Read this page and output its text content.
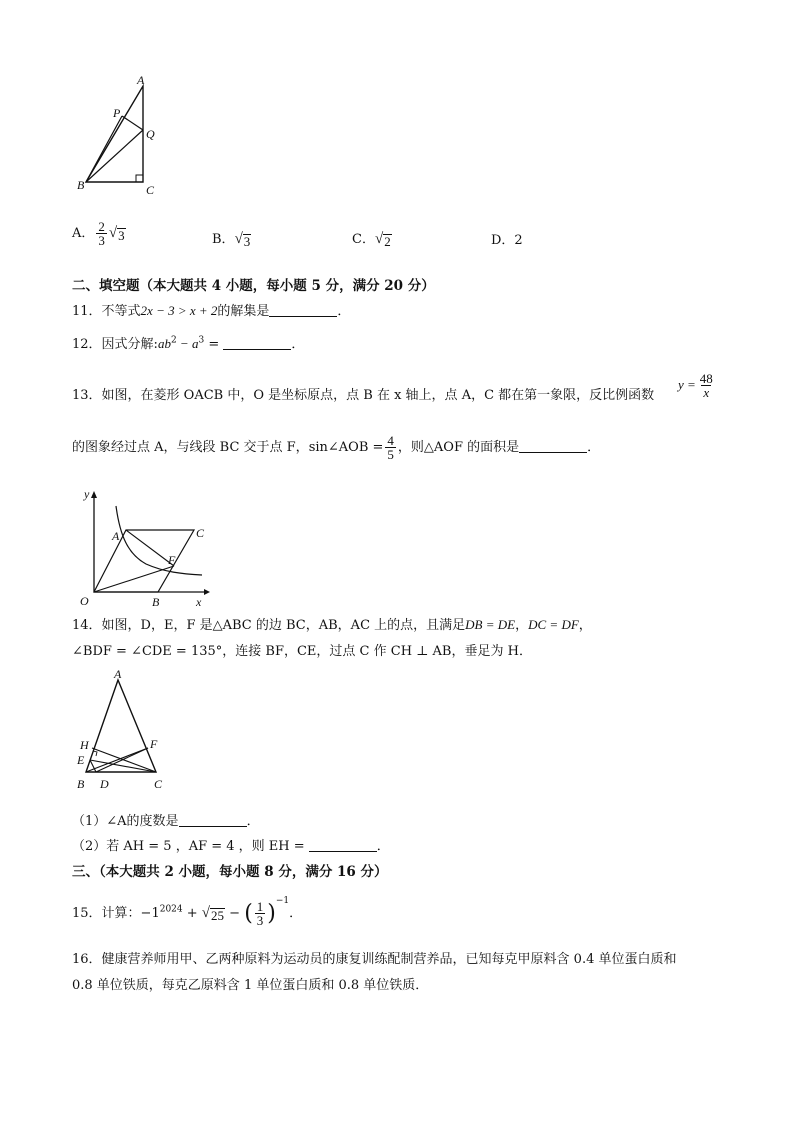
A
P
Q
B	C
A． $\frac{2}{3}$ √ 3	B． √ 3	C． √ 2	D．2
二、填空题（本大题共 4 小题，每小题 5 分，满分 20 分）
11．不等式2x − 3 > x + 2的解集是	．
12．因式分解$:ab^2 - a^3$ =	．
13．如图，在菱形 OACB 中，O 是坐标原点，点 B 在 x 轴上，点 A，C 都在第一象限，反比例函数
$y = \frac{48}{x}$
的图象经过点 A，与线段 BC 交于点 F，sin∠AOB = $\frac{4}{5}$ ，则△AOF 的面积是	．
y
x
O
A
B
C
F
14．如图，D，E，F 是△ABC 的边 BC，AB，AC 上的点，且满足DB = DE，DC = DF，
∠BDF = ∠CDE = 135°，连接 BF，CE，过点 C 作 CH ⊥ AB，垂足为 H．
A
H	F
E
B D	C
（1）∠A的度数是	．
（2）若 AH = 5 ，AF = 4 ，则 EH =	．
三、（本大题共 2 小题，每小题 8 分，满分 16 分）
15．计算：$-1^{2024}$ + √ 25 − ( $\frac{1}{3} )^{-1}$．
16．健康营养师用甲、乙两种原料为运动员的康复训练配制营养品，已知每克甲原料含 0.4 单位蛋白质和
0.8 单位铁质，每克乙原料含 1 单位蛋白质和 0.8 单位铁质．
